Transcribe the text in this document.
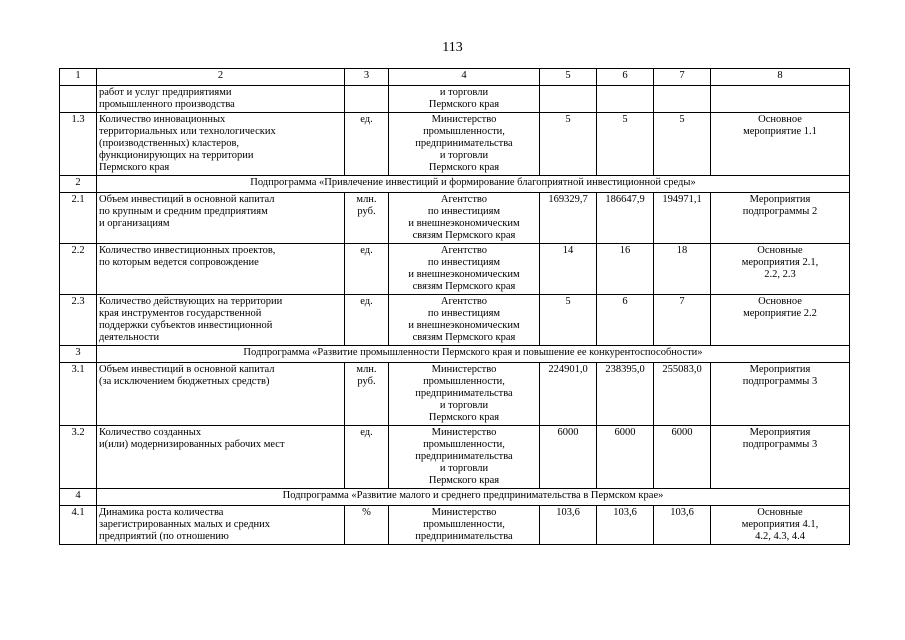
113
1	2	3	4	5	6	7	8
	работ и услуг предприятиями
промышленного производства		и торговли
Пермского края				
1.3	Количество инновационных
территориальных или технологических
(производственных) кластеров,
функционирующих на территории
Пермского края	ед.	Министерство
промышленности,
предпринимательства
и торговли
Пермского края	5	5	5	Основное
мероприятие 1.1
2	Подпрограмма «Привлечение инвестиций и формирование благоприятной инвестиционной среды»						
2.1	Объем инвестиций в основной капитал
по крупным и средним предприятиям
и организациям	млн.
руб.	Агентство
по инвестициям
и внешнеэкономическим
связям Пермского края	169329,7	186647,9	194971,1	Мероприятия
подпрограммы 2
2.2	Количество инвестиционных проектов,
по которым ведется сопровождение	ед.	Агентство
по инвестициям
и внешнеэкономическим
связям Пермского края	14	16	18	Основные
мероприятия 2.1,
2.2, 2.3
2.3	Количество действующих на территории
края инструментов государственной
поддержки субъектов инвестиционной
деятельности	ед.	Агентство
по инвестициям
и внешнеэкономическим
связям Пермского края	5	6	7	Основное
мероприятие 2.2
3	Подпрограмма «Развитие промышленности Пермского края и повышение ее конкурентоспособности»						
3.1	Объем инвестиций в основной капитал
(за исключением бюджетных средств)	млн.
руб.	Министерство
промышленности,
предпринимательства
и торговли
Пермского края	224901,0	238395,0	255083,0	Мероприятия
подпрограммы 3
3.2	Количество созданных
и(или) модернизированных рабочих мест	ед.	Министерство
промышленности,
предпринимательства
и торговли
Пермского края	6000	6000	6000	Мероприятия
подпрограммы 3
4	Подпрограмма «Развитие малого и среднего предпринимательства в Пермском крае»						
4.1	Динамика роста количества
зарегистрированных малых и средних
предприятий (по отношению	%	Министерство
промышленности,
предпринимательства	103,6	103,6	103,6	Основные
мероприятия 4.1,
4.2, 4.3, 4.4
